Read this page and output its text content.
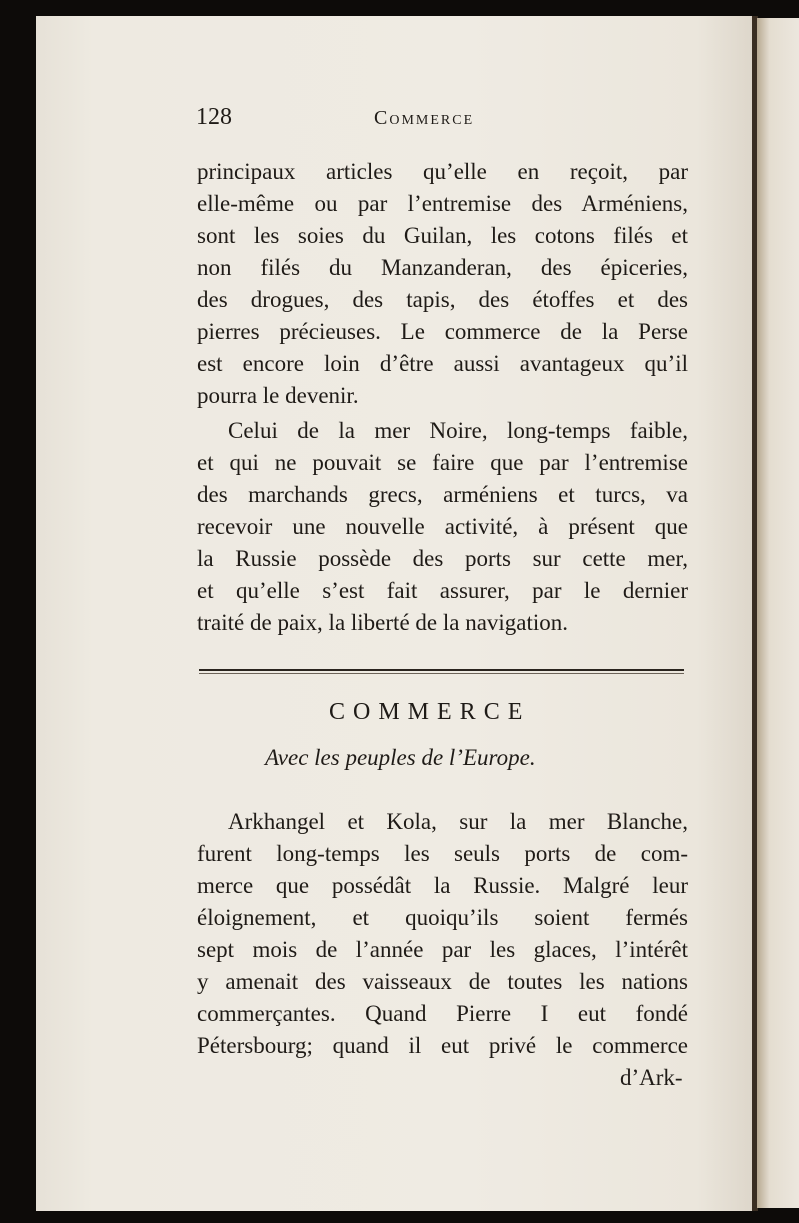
128	Commerce
principaux articles qu’elle en reçoit, par
elle-même ou par l’entremise des Arméniens,
sont les soies du Guilan, les cotons filés et
non filés du Manzanderan, des épiceries,
des drogues, des tapis, des étoffes et des
pierres précieuses. Le commerce de la Perse
est encore loin d’être aussi avantageux qu’il
pourra le devenir.
Celui de la mer Noire, long-temps faible,
et qui ne pouvait se faire que par l’entremise
des marchands grecs, arméniens et turcs, va
recevoir une nouvelle activité, à présent que
la Russie possède des ports sur cette mer,
et qu’elle s’est fait assurer, par le dernier
traité de paix, la liberté de la navigation.
COMMERCE
Avec les peuples de l’Europe.
Arkhangel et Kola, sur la mer Blanche,
furent long-temps les seuls ports de com-
merce que possédât la Russie. Malgré leur
éloignement, et quoiqu’ils soient fermés
sept mois de l’année par les glaces, l’intérêt
y amenait des vaisseaux de toutes les nations
commerçantes. Quand Pierre I eut fondé
Pétersbourg; quand il eut privé le commerce
d’Ark-
